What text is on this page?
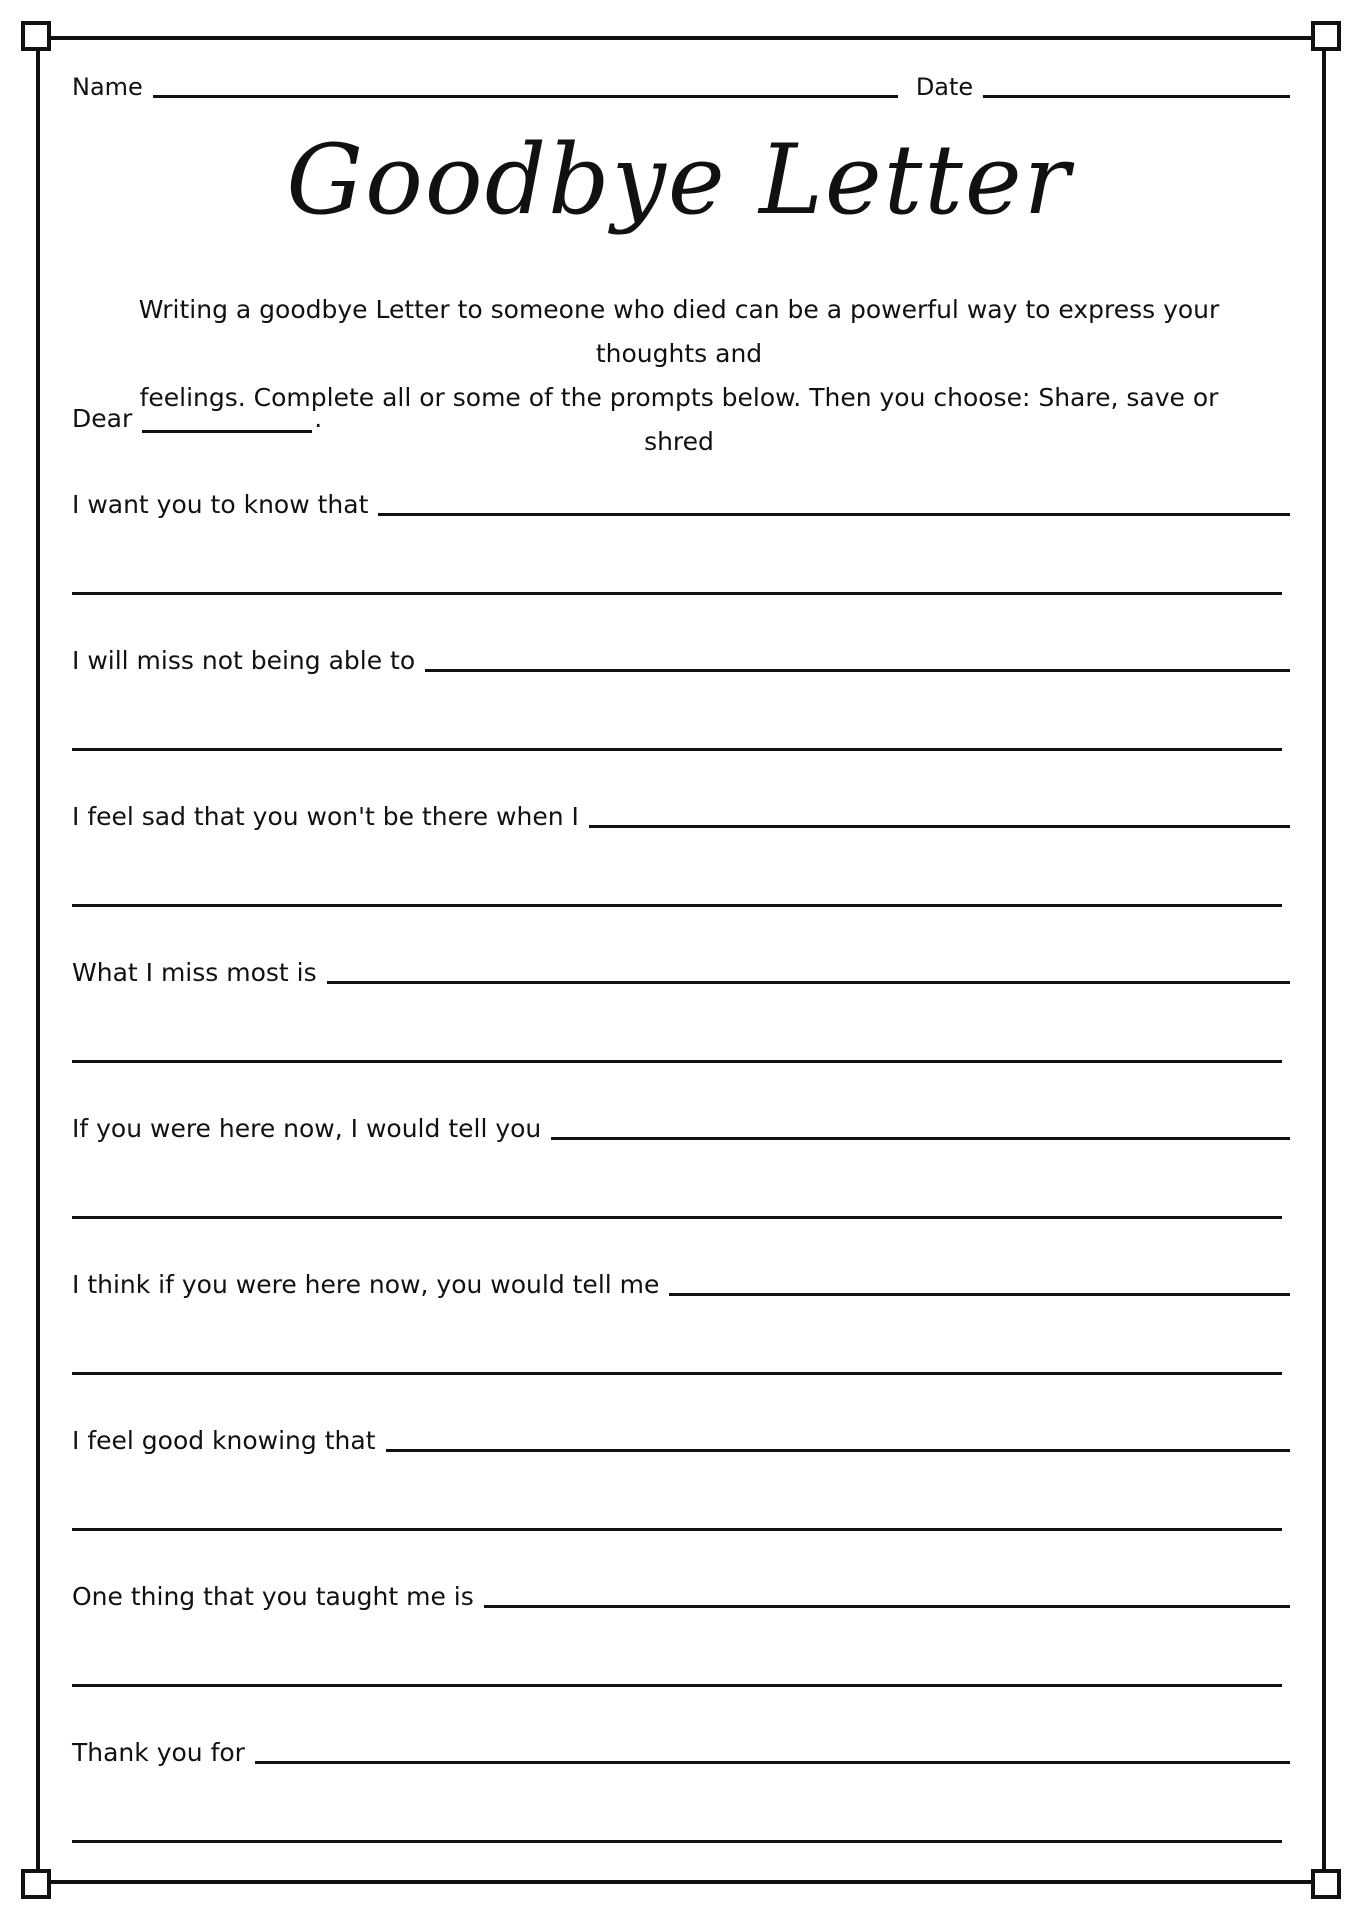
Name	Date
Goodbye Letter
Writing a goodbye Letter to someone who died can be a powerful way to express your thoughts and
feelings. Complete all or some of the prompts below. Then you choose: Share, save or shred
Dear	.
I want you to know that
I will miss not being able to
I feel sad that you won't be there when I
What I miss most is
If you were here now, I would tell you
I think if you were here now, you would tell me
I feel good knowing that
One thing that you taught me is
Thank you for
